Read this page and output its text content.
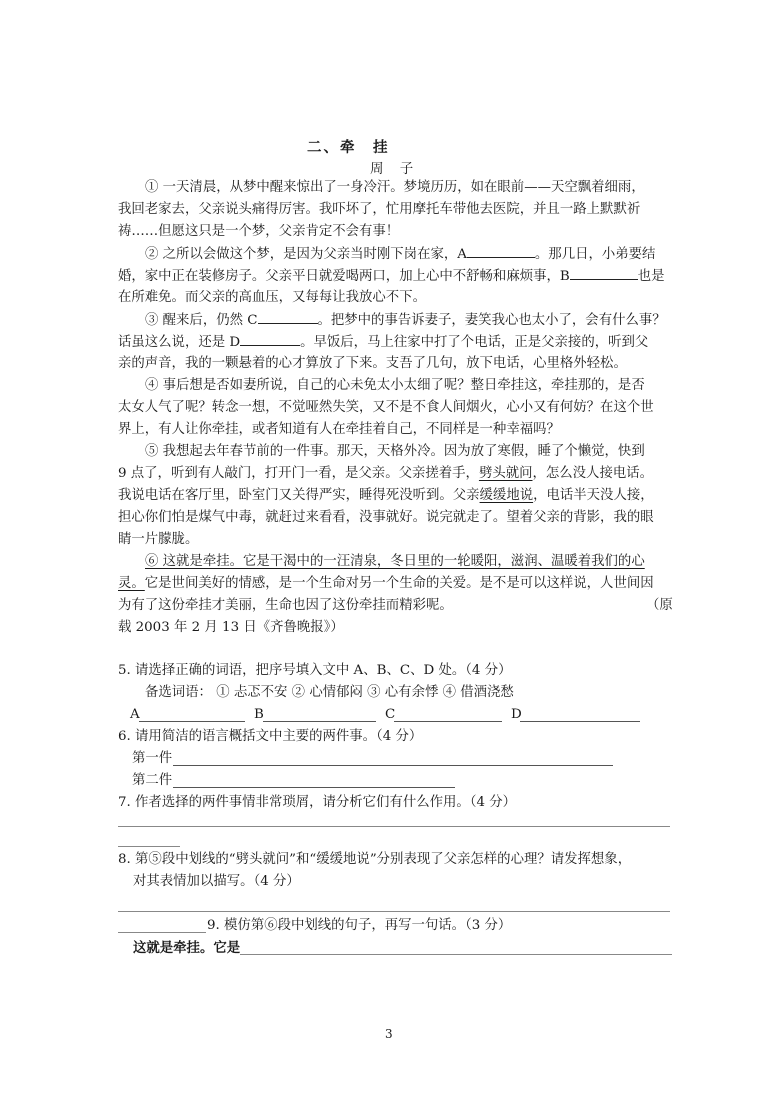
二、牵　挂
周 子
① 一天清晨，从梦中醒来惊出了一身冷汗。梦境历历，如在眼前——天空飘着细雨，
我回老家去，父亲说头痛得厉害。我吓坏了，忙用摩托车带他去医院，并且一路上默默祈
祷……但愿这只是一个梦，父亲肯定不会有事！
② 之所以会做这个梦，是因为父亲当时刚下岗在家，A	。那几日，小弟要结
婚，家中正在装修房子。父亲平日就爱喝两口，加上心中不舒畅和麻烦事，B	也是
在所难免。而父亲的高血压，又每每让我放心不下。
③ 醒来后，仍然 C	。把梦中的事告诉妻子，妻笑我心也太小了，会有什么事？
话虽这么说，还是 D	。早饭后，马上往家中打了个电话，正是父亲接的，听到父
亲的声音，我的一颗悬着的心才算放了下来。支吾了几句，放下电话，心里格外轻松。
④ 事后想是否如妻所说，自己的心未免太小太细了呢？整日牵挂这，牵挂那的，是否
太女人气了呢？转念一想，不觉哑然失笑，又不是不食人间烟火，心小又有何妨？在这个世
界上，有人让你牵挂，或者知道有人在牵挂着自己，不同样是一种幸福吗？
⑤ 我想起去年春节前的一件事。那天，天格外冷。因为放了寒假，睡了个懒觉，快到
9 点了，听到有人敲门，打开门一看，是父亲。父亲搓着手，劈头就问，怎么没人接电话。
我说电话在客厅里，卧室门又关得严实，睡得死没听到。父亲缓缓地说，电话半天没人接，
担心你们怕是煤气中毒，就赶过来看看，没事就好。说完就走了。望着父亲的背影，我的眼
睛一片朦胧。
⑥ 这就是牵挂。它是干渴中的一汪清泉，冬日里的一轮暖阳，滋润、温暖着我们的心
灵。它是世间美好的情感，是一个生命对另一个生命的关爱。是不是可以这样说，人世间因
为有了这份牵挂才美丽，生命也因了这份牵挂而精彩呢。	（原
载 2003 年 2 月 13 日《齐鲁晚报》）
5. 请选择正确的词语，把序号填入文中 A、B、C、D 处。（4 分）
备选词语： ① 忐忑不安 ② 心情郁闷 ③ 心有余悸 ④ 借酒浇愁
A	B	C	D
6. 请用简洁的语言概括文中主要的两件事。（4 分）
第一件
第二件
7. 作者选择的两件事情非常琐屑，请分析它们有什么作用。（4 分）
8. 第⑤段中划线的“劈头就问”和“缓缓地说”分别表现了父亲怎样的心理？请发挥想象，
对其表情加以描写。（4 分）
9. 模仿第⑥段中划线的句子，再写一句话。（3 分）
这就是牵挂。它是
3
